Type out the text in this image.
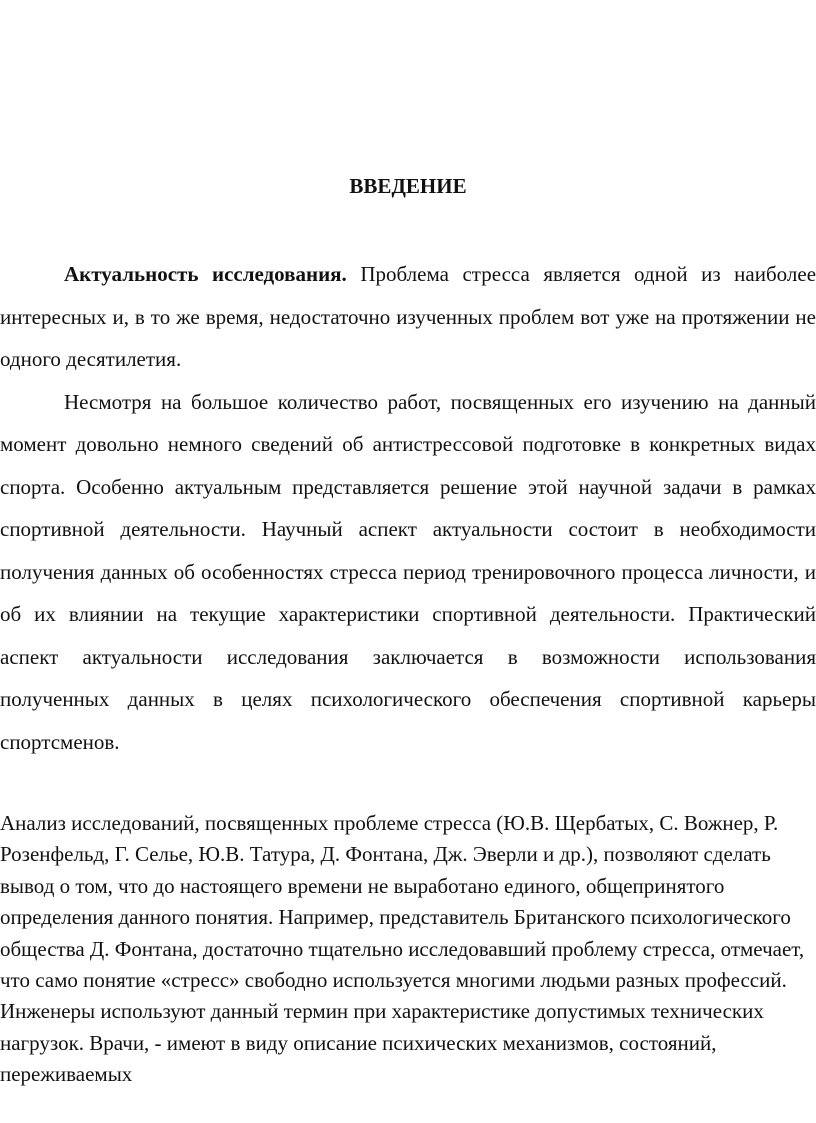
ВВЕДЕНИЕ

Актуальность исследования. Проблема стресса является одной из наиболее интересных и, в то же время, недостаточно изученных проблем вот уже на протяжении не одного десятилетия.

Несмотря на большое количество работ, посвященных его изучению на данный момент довольно немного сведений об антистрессовой подготовке в конкретных видах спорта. Особенно актуальным представляется решение этой научной задачи в рамках спортивной деятельности. Научный аспект актуальности состоит в необходимости получения данных об особенностях стресса период тренировочного процесса личности, и об их влиянии на текущие характеристики спортивной деятельности. Практический аспект актуальности исследования заключается в возможности использования полученных данных в целях психологического обеспечения спортивной карьеры спортсменов.

Анализ исследований, посвященных проблеме стресса (Ю.В. Щербатых, С. Вожнер, Р. Розенфельд, Г. Селье, Ю.В. Татура, Д. Фонтана, Дж. Эверли и др.), позволяют сделать вывод о том, что до настоящего времени не выработано единого, общепринятого определения данного понятия. Например, представитель Британского психологического общества Д. Фонтана, достаточно тщательно исследовавший проблему стресса, отмечает, что само понятие «стресс» свободно используется многими людьми разных профессий. Инженеры используют данный термин при характеристике допустимых технических нагрузок. Врачи, - имеют в виду описание психических механизмов, состояний, переживаемых
